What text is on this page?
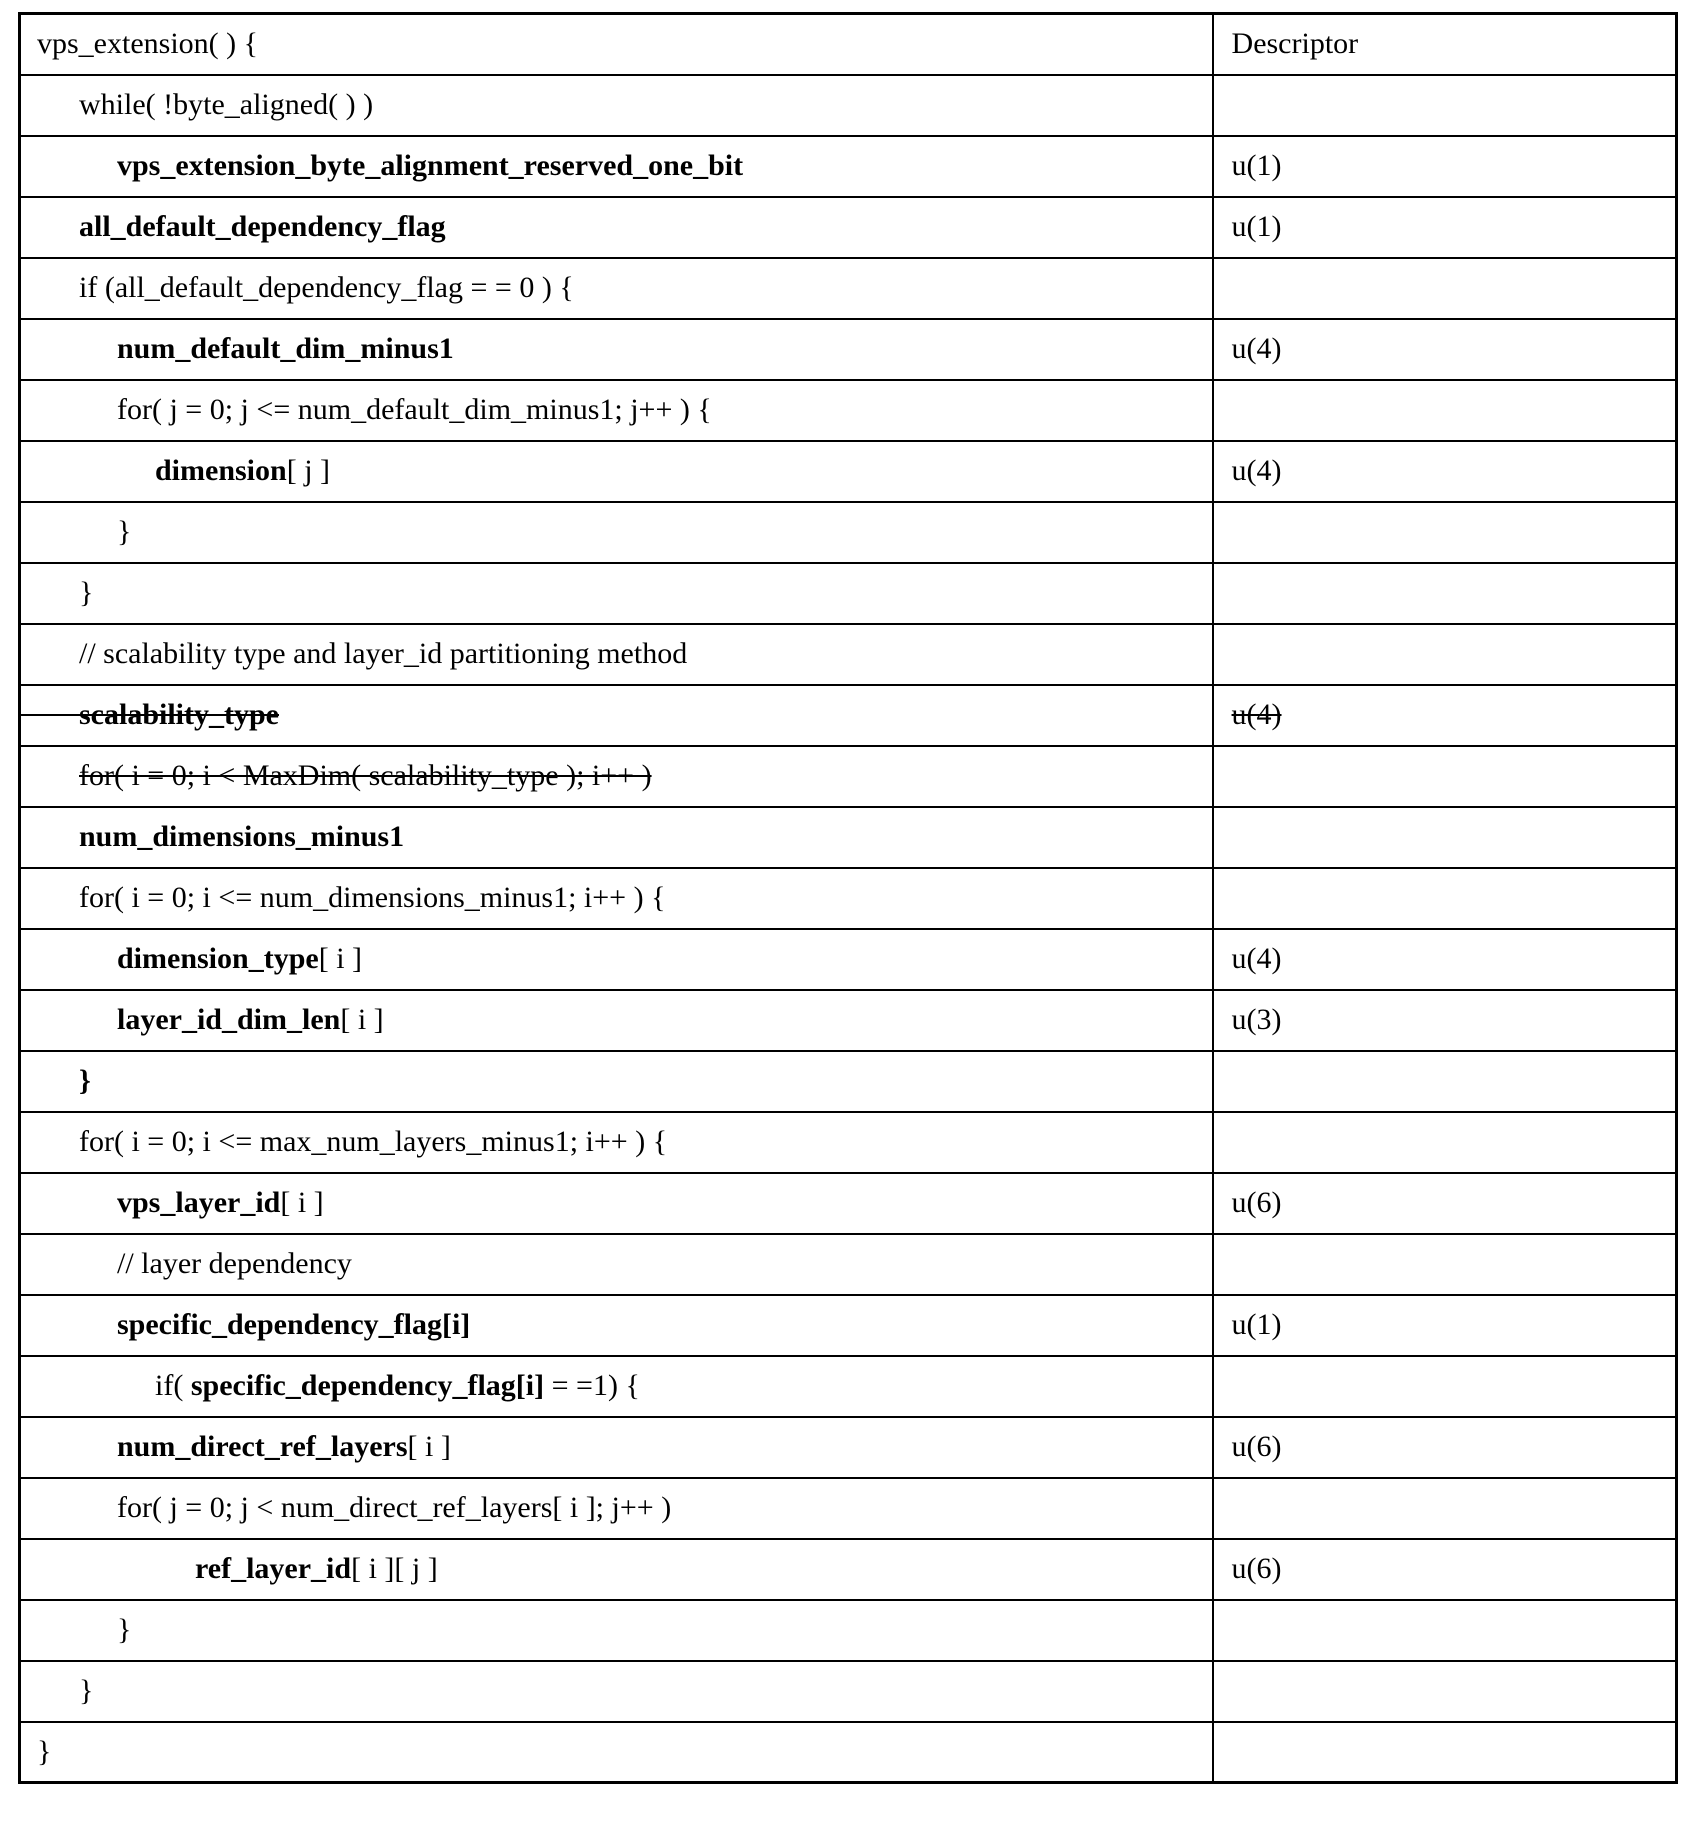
vps_extension( ) {	Descriptor
while( !byte_aligned( ) )	
vps_extension_byte_alignment_reserved_one_bit	u(1)
all_default_dependency_flag	u(1)
if (all_default_dependency_flag = = 0 ) {	
num_default_dim_minus1	u(4)
for( j = 0; j <= num_default_dim_minus1; j++ ) {	
dimension[ j ]	u(4)
}	
}	
// scalability type and layer_id partitioning method	
scalability_type	u(4)
for( i = 0; i < MaxDim( scalability_type ); i++ )	
num_dimensions_minus1	
for( i = 0; i <= num_dimensions_minus1; i++ ) {	
dimension_type[ i ]	u(4)
layer_id_dim_len[ i ]	u(3)
}	
for( i = 0; i <= max_num_layers_minus1; i++ ) {	
vps_layer_id[ i ]	u(6)
// layer dependency	
specific_dependency_flag[i]	u(1)
if( specific_dependency_flag[i] = =1) {	
num_direct_ref_layers[ i ]	u(6)
for( j = 0; j < num_direct_ref_layers[ i ]; j++ )	
ref_layer_id[ i ][ j ]	u(6)
}	
}	
}	
